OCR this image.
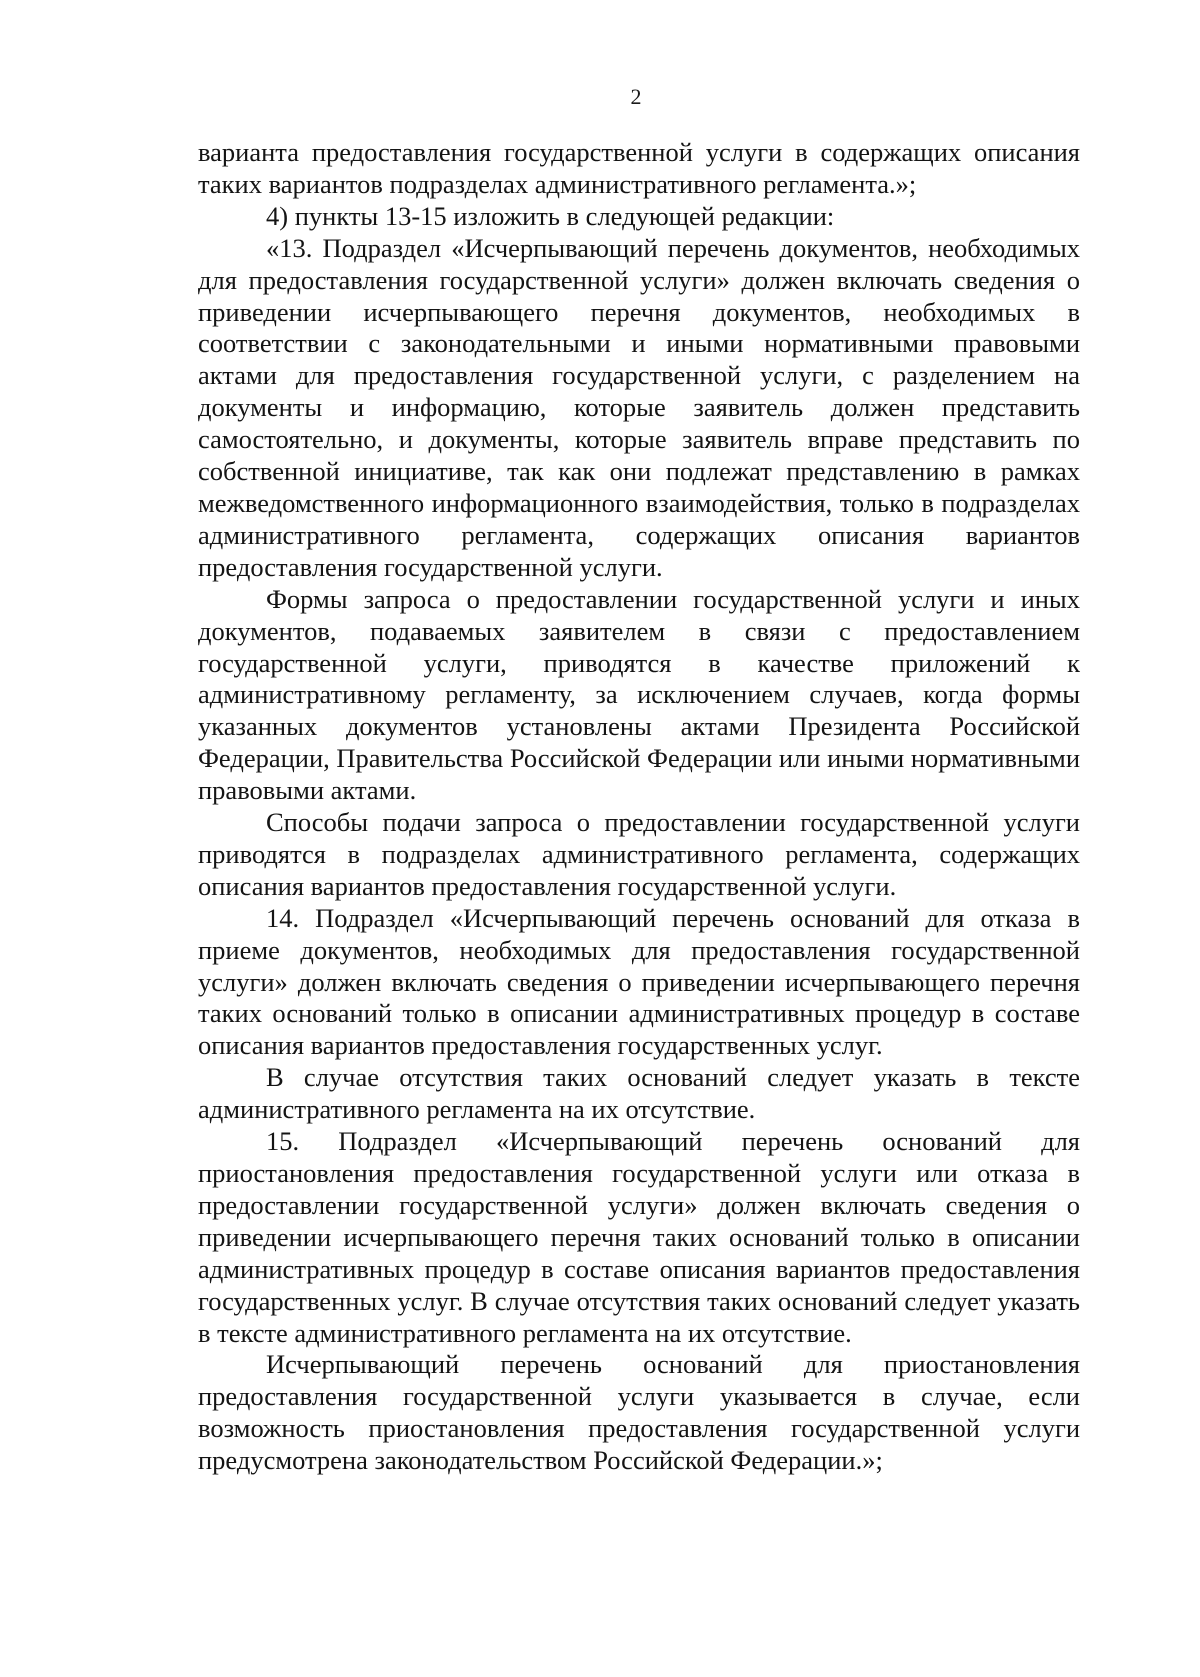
2

варианта предоставления государственной услуги в содержащих описания таких вариантов подразделах административного регламента.»;

4) пункты 13-15 изложить в следующей редакции:

«13. Подраздел «Исчерпывающий перечень документов, необходимых для предоставления государственной услуги» должен включать сведения о приведении исчерпывающего перечня документов, необходимых в соответствии с законодательными и иными нормативными правовыми актами для предоставления государственной услуги, с разделением на документы и информацию, которые заявитель должен представить самостоятельно, и документы, которые заявитель вправе представить по собственной инициативе, так как они подлежат представлению в рамках межведомственного информационного взаимодействия, только в подразделах административного регламента, содержащих описания вариантов предоставления государственной услуги.

Формы запроса о предоставлении государственной услуги и иных документов, подаваемых заявителем в связи с предоставлением государственной услуги, приводятся в качестве приложений к административному регламенту, за исключением случаев, когда формы указанных документов установлены актами Президента Российской Федерации, Правительства Российской Федерации или иными нормативными правовыми актами.

Способы подачи запроса о предоставлении государственной услуги приводятся в подразделах административного регламента, содержащих описания вариантов предоставления государственной услуги.

14. Подраздел «Исчерпывающий перечень оснований для отказа в приеме документов, необходимых для предоставления государственной услуги» должен включать сведения о приведении исчерпывающего перечня таких оснований только в описании административных процедур в составе описания вариантов предоставления государственных услуг.

В случае отсутствия таких оснований следует указать в тексте административного регламента на их отсутствие.

15. Подраздел «Исчерпывающий перечень оснований для приостановления предоставления государственной услуги или отказа в предоставлении государственной услуги» должен включать сведения о приведении исчерпывающего перечня таких оснований только в описании административных процедур в составе описания вариантов предоставления государственных услуг. В случае отсутствия таких оснований следует указать в тексте административного регламента на их отсутствие.

Исчерпывающий перечень оснований для приостановления предоставления государственной услуги указывается в случае, если возможность приостановления предоставления государственной услуги предусмотрена законодательством Российской Федерации.»;
